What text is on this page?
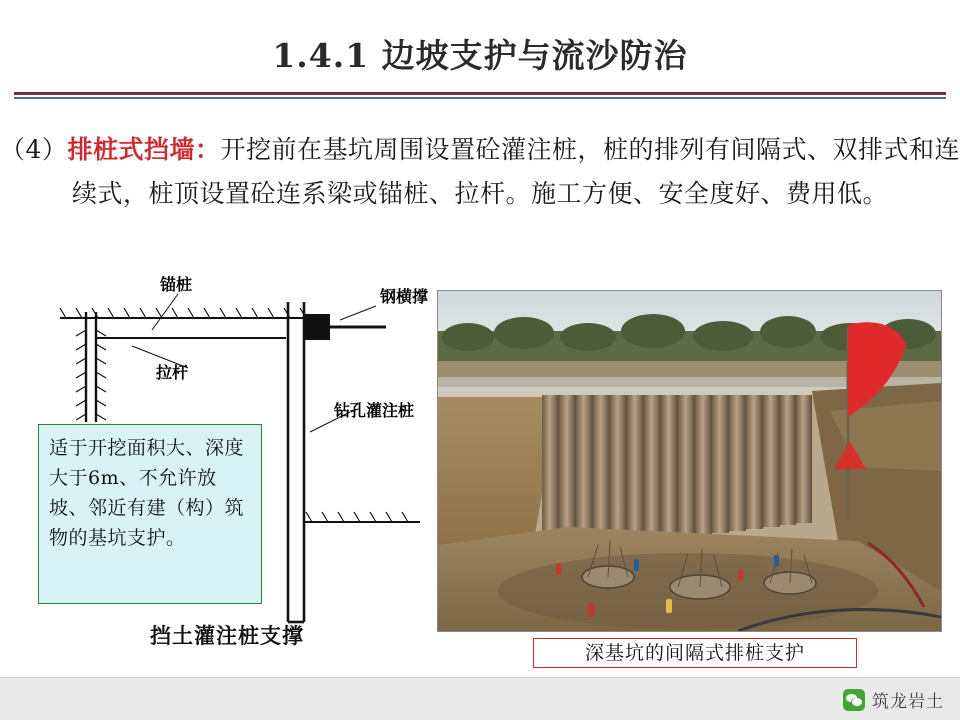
1.4.1 边坡支护与流沙防治
（4）排桩式挡墙：开挖前在基坑周围设置砼灌注桩，桩的排列有间隔式、双排式和连续式，桩顶设置砼连系梁或锚桩、拉杆。施工方便、安全度好、费用低。
锚桩
钢横撑
拉杆
钻孔灌注桩
适于开挖面积大、深度大于6m、不允许放坡、邻近有建（构）筑物的基坑支护。
挡土灌注桩支撑
深基坑的间隔式排桩支护
筑龙岩土
